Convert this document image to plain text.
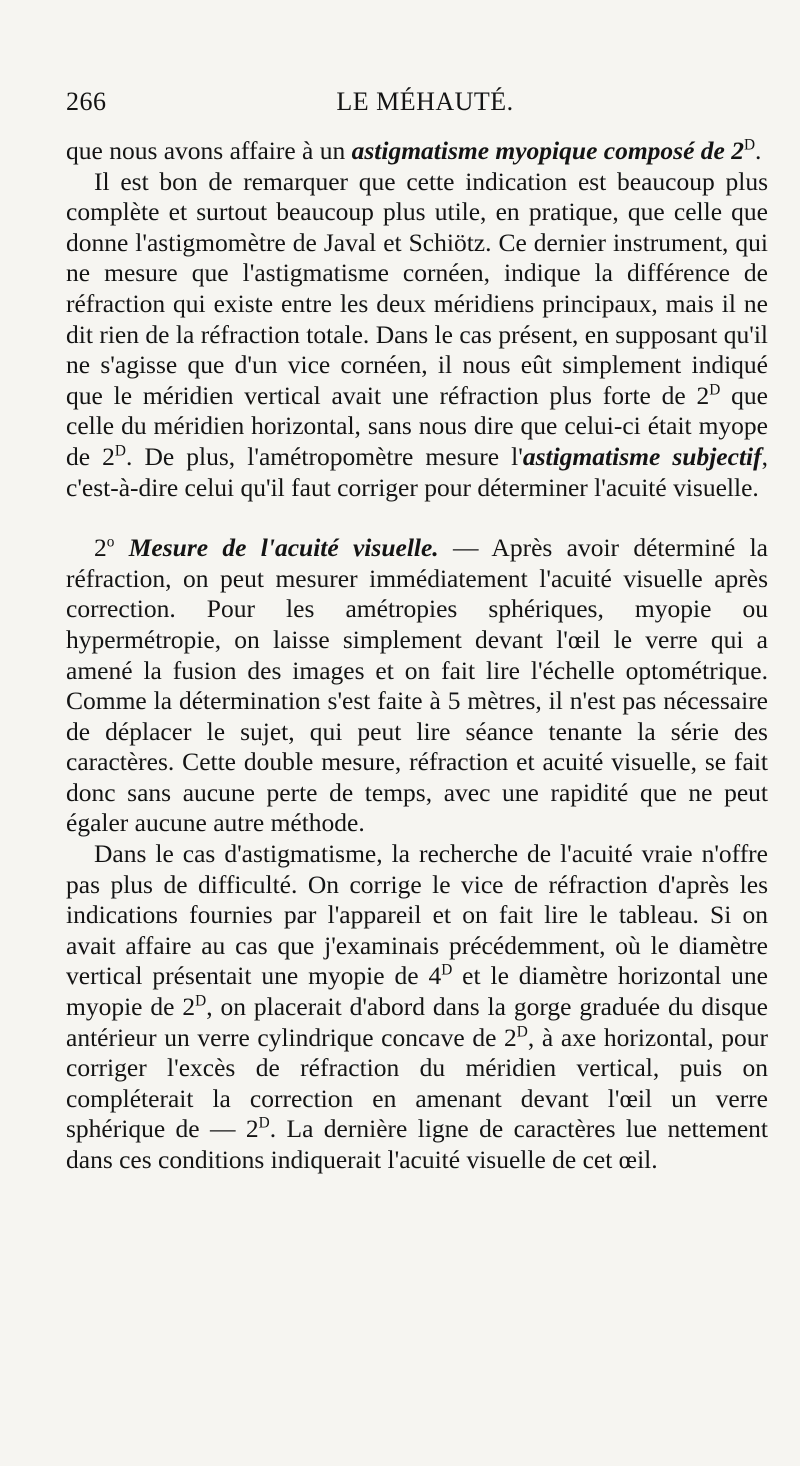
266	LE MÉHAUTÉ.

que nous avons affaire à un astigmatisme myopique composé de $2^D$.

Il est bon de remarquer que cette indication est beaucoup plus complète et surtout beaucoup plus utile, en pratique, que celle que donne l'astigmomètre de Javal et Schiötz. Ce dernier instrument, qui ne mesure que l'astigmatisme cornéen, indique la différence de réfraction qui existe entre les deux méridiens principaux, mais il ne dit rien de la réfraction totale. Dans le cas présent, en supposant qu'il ne s'agisse que d'un vice cornéen, il nous eût simplement indiqué que le méridien vertical avait une réfraction plus forte de $2^D$ que celle du méridien horizontal, sans nous dire que celui-ci était myope de $2^D$. De plus, l'amétropomètre mesure l'astigmatisme subjectif, c'est-à-dire celui qu'il faut corriger pour déterminer l'acuité visuelle.

2$^o$ Mesure de l'acuité visuelle. — Après avoir déterminé la réfraction, on peut mesurer immédiatement l'acuité visuelle après correction. Pour les amétropies sphériques, myopie ou hypermétropie, on laisse simplement devant l'œil le verre qui a amené la fusion des images et on fait lire l'échelle optométrique. Comme la détermination s'est faite à 5 mètres, il n'est pas nécessaire de déplacer le sujet, qui peut lire séance tenante la série des caractères. Cette double mesure, réfraction et acuité visuelle, se fait donc sans aucune perte de temps, avec une rapidité que ne peut égaler aucune autre méthode.

Dans le cas d'astigmatisme, la recherche de l'acuité vraie n'offre pas plus de difficulté. On corrige le vice de réfraction d'après les indications fournies par l'appareil et on fait lire le tableau. Si on avait affaire au cas que j'examinais précédemment, où le diamètre vertical présentait une myopie de $4^D$ et le diamètre horizontal une myopie de $2^D$, on placerait d'abord dans la gorge graduée du disque antérieur un verre cylindrique concave de $2^D$, à axe horizontal, pour corriger l'excès de réfraction du méridien vertical, puis on compléterait la correction en amenant devant l'œil un verre sphérique de — $2^D$. La dernière ligne de caractères lue nettement dans ces conditions indiquerait l'acuité visuelle de cet œil.
